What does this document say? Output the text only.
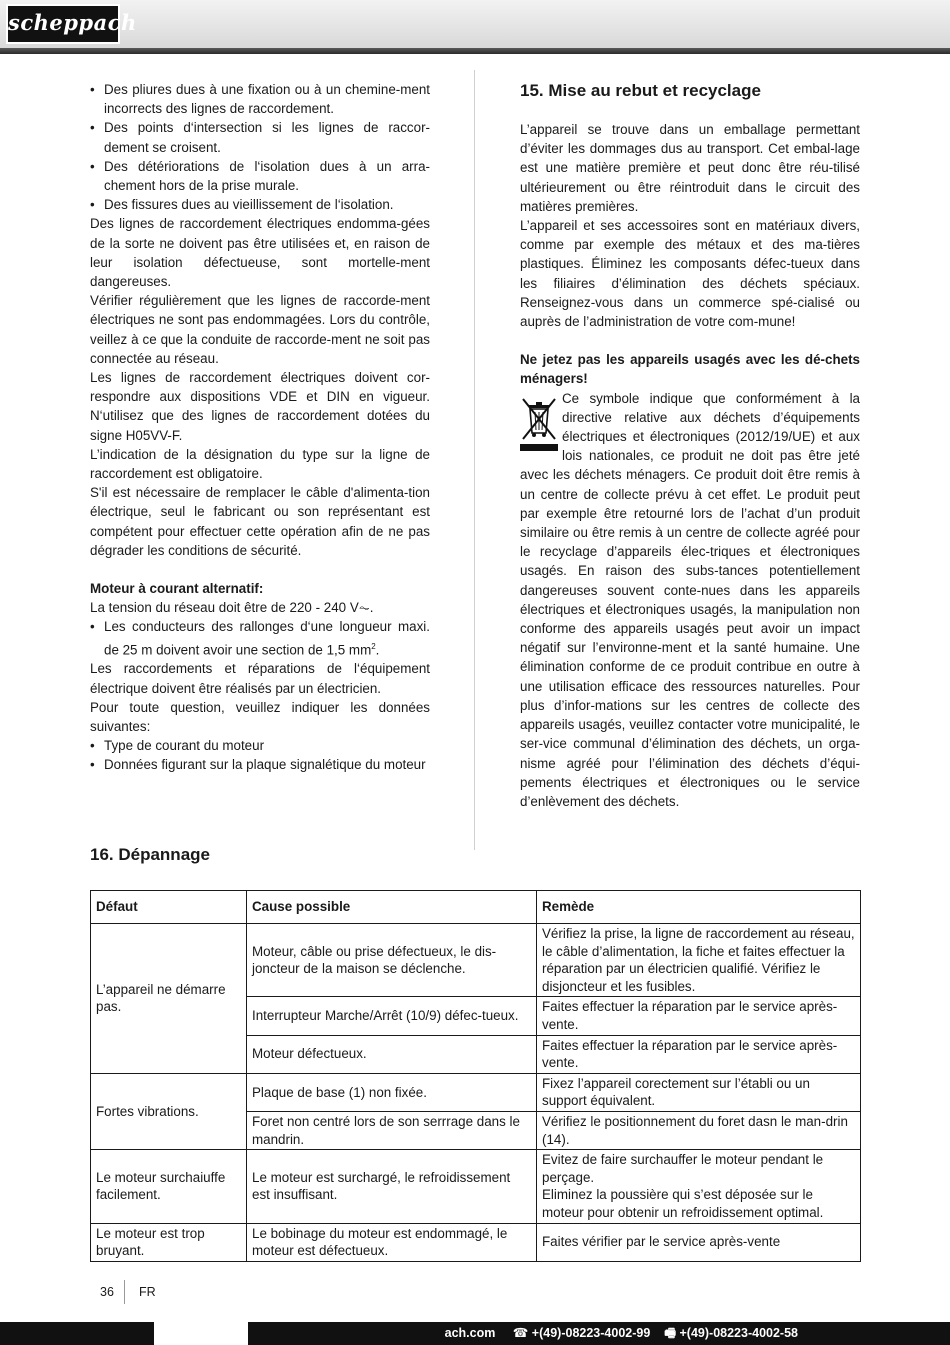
scheppach
• Des pliures dues à une fixation ou à un chemine-ment incorrects des lignes de raccordement.
• Des points d‘intersection si les lignes de raccor-dement se croisent.
• Des détériorations de l‘isolation dues à un arra-chement hors de la prise murale.
• Des fissures dues au vieillissement de l‘isolation.

Des lignes de raccordement électriques endomma-gées de la sorte ne doivent pas être utilisées et, en raison de leur isolation défectueuse, sont mortelle-ment dangereuses.

Vérifier régulièrement que les lignes de raccorde-ment électriques ne sont pas endommagées. Lors du contrôle, veillez à ce que la conduite de raccorde-ment ne soit pas connectée au réseau.

Les lignes de raccordement électriques doivent cor-respondre aux dispositions VDE et DIN en vigueur. N‘utilisez que des lignes de raccordement dotées du signe H05VV-F.

L’indication de la désignation du type sur la ligne de raccordement est obligatoire.

S'il est nécessaire de remplacer le câble d'alimenta-tion électrique, seul le fabricant ou son représentant est compétent pour effectuer cette opération afin de ne pas dégrader les conditions de sécurité.

Moteur à courant alternatif:

La tension du réseau doit être de 220 - 240 V⏦.

• Les conducteurs des rallonges d‘une longueur maxi. de 25 m doivent avoir une section de 1,5 $mm^2$.

Les raccordements et réparations de l‘équipement électrique doivent être réalisés par un électricien.

Pour toute question, veuillez indiquer les données suivantes:

• Type de courant du moteur
• Données figurant sur la plaque signalétique du moteur
15. Mise au rebut et recyclage

L’appareil se trouve dans un emballage permettant d’éviter les dommages dus au transport. Cet embal-lage est une matière première et peut donc être réu-tilisé ultérieurement ou être réintroduit dans le circuit des matières premières.

L’appareil et ses accessoires sont en matériaux divers, comme par exemple des métaux et des ma-tières plastiques. Éliminez les composants défec-tueux dans les filiaires d’élimination des déchets spéciaux. Renseignez-vous dans un commerce spé-cialisé ou auprès de l’administration de votre com-mune!

Ne jetez pas les appareils usagés avec les dé-chets ménagers!

Ce symbole indique que conformément à la directive relative aux déchets d’équipements électriques et électroniques (2012/19/UE) et aux lois nationales, ce produit ne doit pas être jeté avec les déchets ménagers. Ce produit doit être remis à un centre de collecte prévu à cet effet. Le produit peut par exemple être retourné lors de l’achat d’un produit similaire ou être remis à un centre de collecte agréé pour le recyclage d’appareils élec-triques et électroniques usagés. En raison des subs-tances potentiellement dangereuses souvent conte-nues dans les appareils électriques et électroniques usagés, la manipulation non conforme des appareils usagés peut avoir un impact négatif sur l’environne-ment et la santé humaine. Une élimination conforme de ce produit contribue en outre à une utilisation efficace des ressources naturelles. Pour plus d’infor-mations sur les centres de collecte des appareils usagés, veuillez contacter votre municipalité, le ser-vice communal d’élimination des déchets, un orga-nisme agréé pour l’élimination des déchets d’équi-pements électriques et électroniques ou le service d’enlèvement des déchets.

16. Dépannage
Défaut	Cause possible	Remède
L’appareil ne démarre pas.	Moteur, câble ou prise défectueux, le dis-joncteur de la maison se déclenche.	Vérifiez la prise, la ligne de raccordement au réseau, le câble d’alimentation, la fiche et faites effectuer la réparation par un électricien qualifié. Vérifiez le disjoncteur et les fusibles.
	Interrupteur Marche/Arrêt (10/9) défec-tueux.	Faites effectuer la réparation par le service après-vente.
	Moteur défectueux.	Faites effectuer la réparation par le service après-vente.
Fortes vibrations.	Plaque de base (1) non fixée.	Fixez l’appareil corectement sur l’établi ou un support équivalent.
	Foret non centré lors de son serrrage dans le mandrin.	Vérifiez le positionnement du foret dasn le man-drin (14).
Le moteur surchaiuffe facilement.	Le moteur est surchargé, le refroidissement est insuffisant.	Evitez de faire surchauffer le moteur pendant le perçage.
Eliminez la poussière qui s’est déposée sur le moteur pour obtenir un refroidissement optimal.

Le moteur est trop bruyant.	Le bobinage du moteur est endommagé, le moteur est défectueux.	Faites vérifier par le service après-vente
36 FR
ach.com ☎ +(49)-08223-4002-99 🖷 +(49)-08223-4002-58
